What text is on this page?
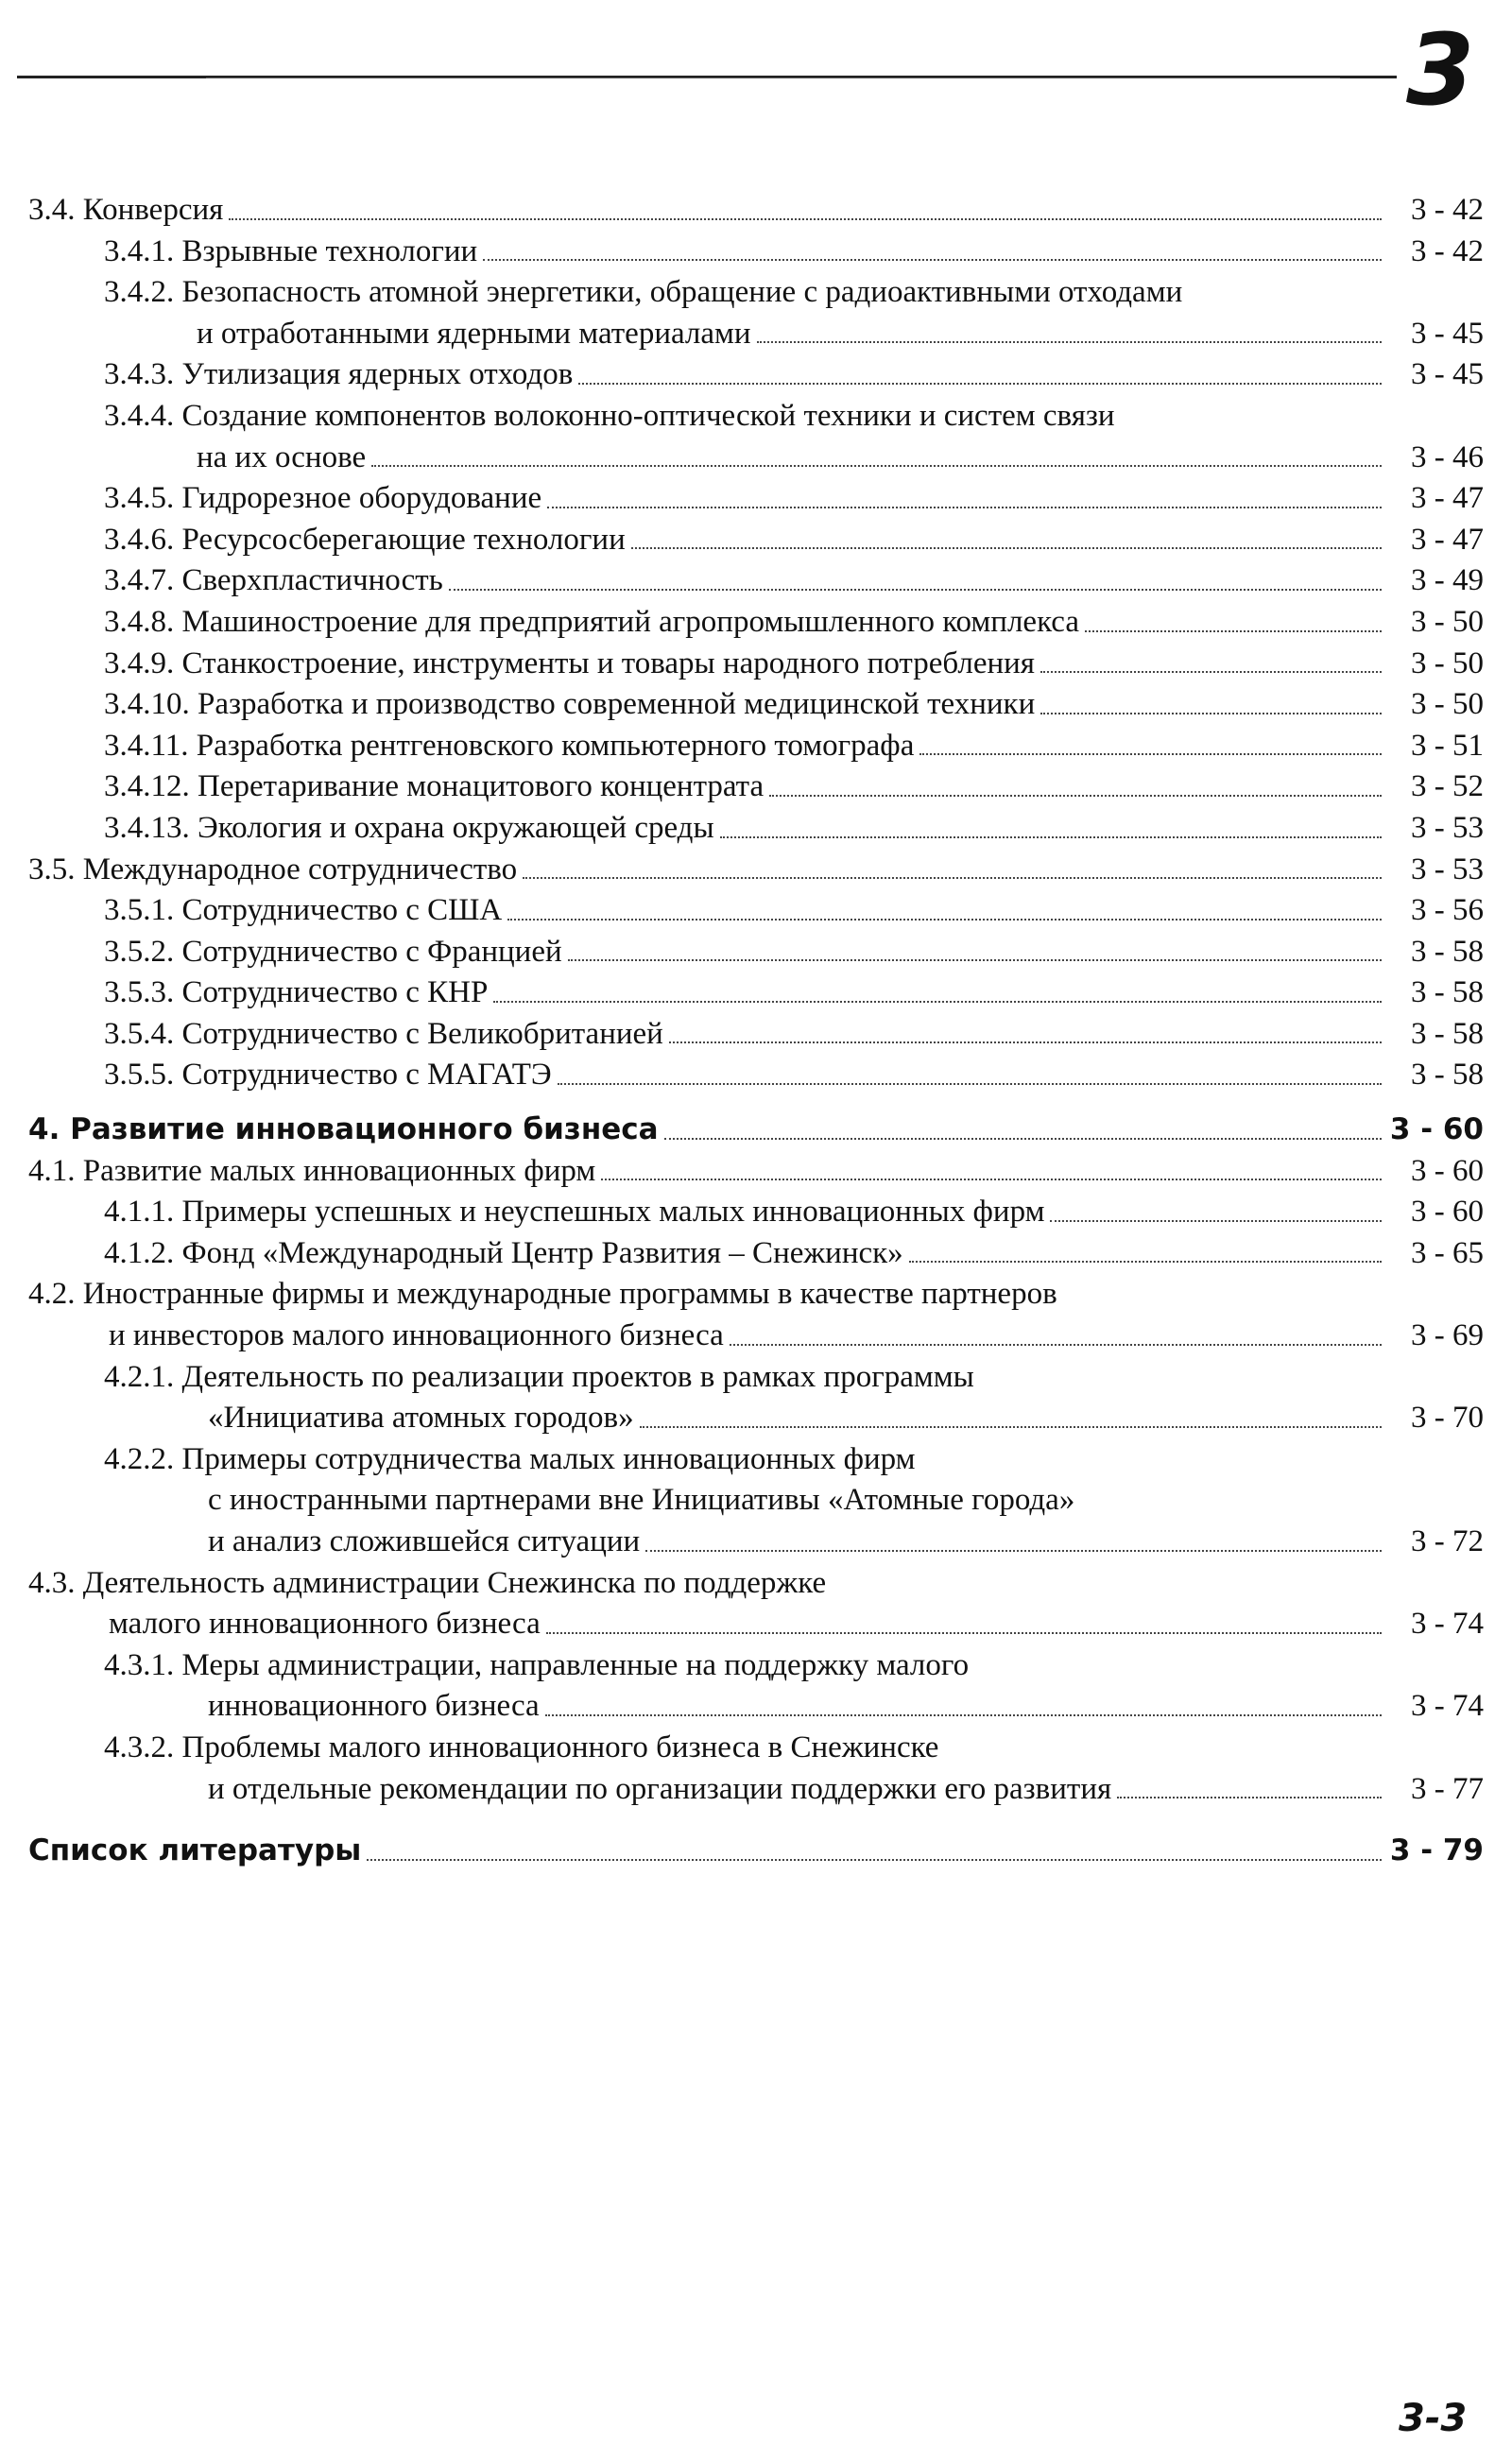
3
3.4. Конверсия	3 - 42
3.4.1. Взрывные технологии	3 - 42
3.4.2. Безопасность атомной энергетики, обращение с радиоактивными отходами
и отработанными ядерными материалами	3 - 45
3.4.3. Утилизация ядерных отходов	3 - 45
3.4.4. Создание компонентов волоконно-оптической техники и систем связи
на их основе	3 - 46
3.4.5. Гидрорезное оборудование	3 - 47
3.4.6. Ресурсосберегающие технологии	3 - 47
3.4.7. Сверхпластичность	3 - 49
3.4.8. Машиностроение для предприятий агропромышленного комплекса	3 - 50
3.4.9. Станкостроение, инструменты и товары народного потребления	3 - 50
3.4.10. Разработка и производство современной медицинской техники	3 - 50
3.4.11. Разработка рентгеновского компьютерного томографа	3 - 51
3.4.12. Перетаривание монацитового концентрата	3 - 52
3.4.13. Экология и охрана окружающей среды	3 - 53
3.5. Международное сотрудничество	3 - 53
3.5.1. Сотрудничество с США	3 - 56
3.5.2. Сотрудничество с Францией	3 - 58
3.5.3. Сотрудничество с КНР	3 - 58
3.5.4. Сотрудничество с Великобританией	3 - 58
3.5.5. Сотрудничество с МАГАТЭ	3 - 58
4. Развитие инновационного бизнеса	3 - 60
4.1. Развитие малых инновационных фирм	3 - 60
4.1.1. Примеры успешных и неуспешных малых инновационных фирм	3 - 60
4.1.2. Фонд «Международный Центр Развития – Снежинск»	3 - 65
4.2. Иностранные фирмы и международные программы в качестве партнеров
и инвесторов малого инновационного бизнеса	3 - 69
4.2.1. Деятельность по реализации проектов в рамках программы
«Инициатива атомных городов»	3 - 70
4.2.2. Примеры сотрудничества малых инновационных фирм
с иностранными партнерами вне Инициативы «Атомные города»
и анализ сложившейся ситуации	3 - 72
4.3. Деятельность администрации Снежинска по поддержке
малого инновационного бизнеса	3 - 74
4.3.1. Меры администрации, направленные на поддержку малого
инновационного бизнеса	3 - 74
4.3.2. Проблемы малого инновационного бизнеса в Снежинске
и отдельные рекомендации по организации поддержки его развития	3 - 77
Список литературы	3 - 79
3-3
